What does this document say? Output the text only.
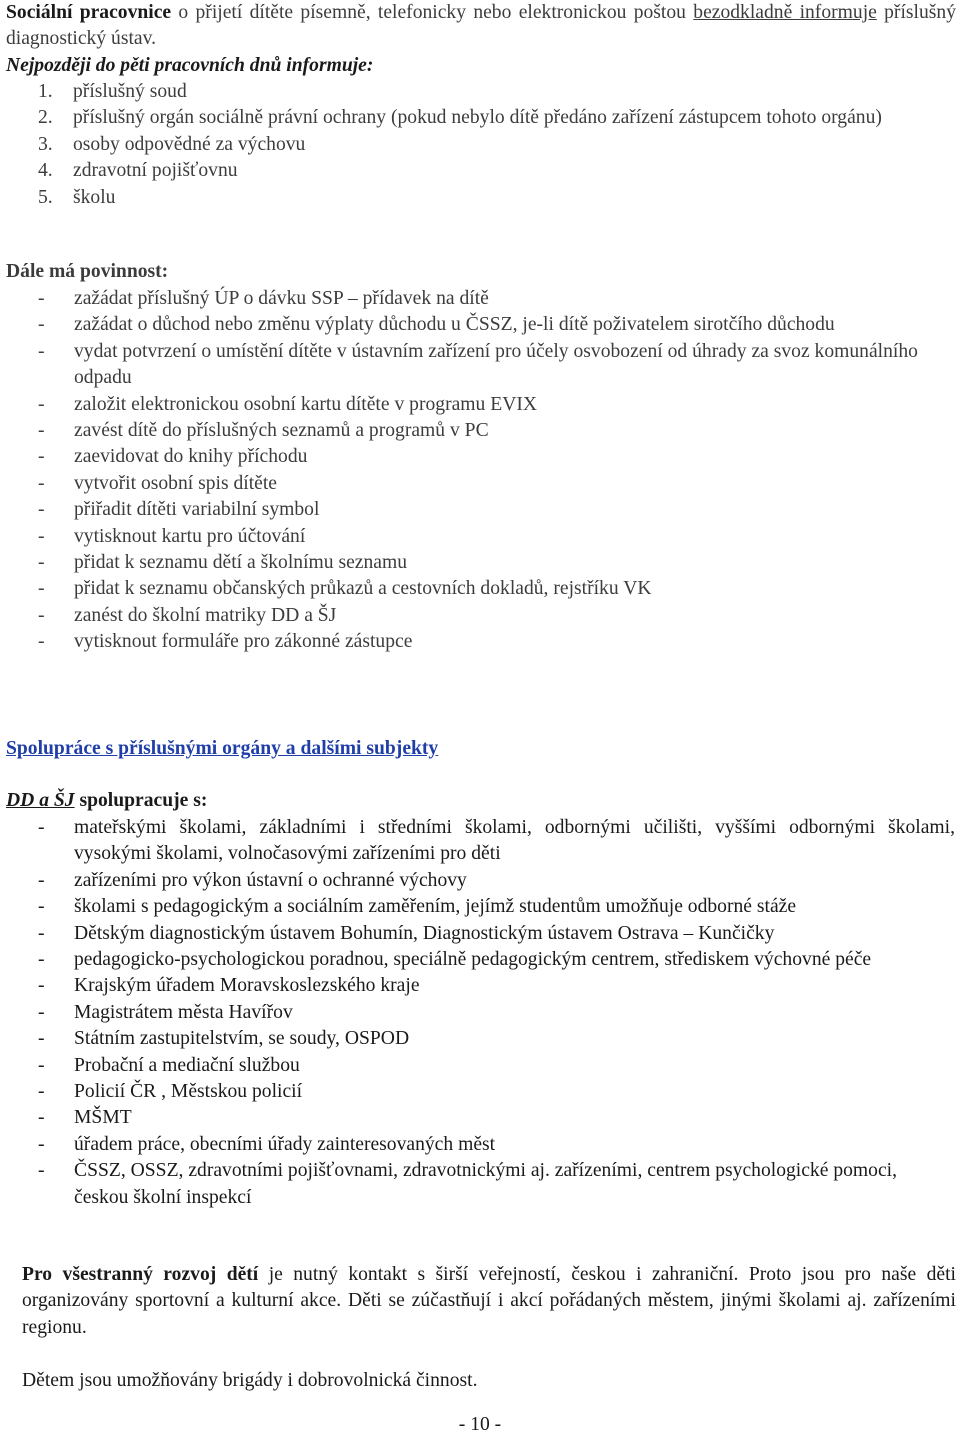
Sociální pracovnice o přijetí dítěte písemně, telefonicky nebo elektronickou poštou bezodkladně informuje příslušný diagnostický ústav.
Nejpozději do pěti pracovních dnů informuje:
1. příslušný soud
2. příslušný orgán sociálně právní ochrany (pokud nebylo dítě předáno zařízení zástupcem tohoto orgánu)
3. osoby odpovědné za výchovu
4. zdravotní pojišťovnu
5. školu
Dále má povinnost:
- zažádat příslušný ÚP o dávku SSP – přídavek na dítě
- zažádat o důchod nebo změnu výplaty důchodu u ČSSZ, je-li dítě poživatelem sirotčího důchodu
- vydat potvrzení o umístění dítěte v ústavním zařízení pro účely osvobození od úhrady za svoz komunálního odpadu
- založit elektronickou osobní kartu dítěte v programu EVIX
- zavést dítě do příslušných seznamů a programů v PC
- zaevidovat do knihy příchodu
- vytvořit osobní spis dítěte
- přiřadit dítěti variabilní symbol
- vytisknout kartu pro účtování
- přidat k seznamu dětí a školnímu seznamu
- přidat k seznamu občanských průkazů a cestovních dokladů, rejstříku VK
- zanést do školní matriky DD a ŠJ
- vytisknout formuláře pro zákonné zástupce
Spolupráce s příslušnými orgány a dalšími subjekty
DD a ŠJ spolupracuje s:
- mateřskými školami, základními i středními školami, odbornými učilišti, vyššími odbornými školami, vysokými školami, volnočasovými zařízeními pro děti
- zařízeními pro výkon ústavní o ochranné výchovy
- školami s pedagogickým a sociálním zaměřením, jejímž studentům umožňuje odborné stáže
- Dětským diagnostickým ústavem Bohumín, Diagnostickým ústavem Ostrava – Kunčičky
- pedagogicko-psychologickou poradnou, speciálně pedagogickým centrem, střediskem výchovné péče
- Krajským úřadem Moravskoslezského kraje
- Magistrátem města Havířov
- Státním zastupitelstvím, se soudy, OSPOD
- Probační a mediační službou
- Policií ČR , Městskou policií
- MŠMT
- úřadem práce, obecními úřady zainteresovaných měst
- ČSSZ, OSSZ, zdravotními pojišťovnami, zdravotnickými aj. zařízeními, centrem psychologické pomoci, českou školní inspekcí
Pro všestranný rozvoj dětí je nutný kontakt s širší veřejností, českou i zahraniční. Proto jsou pro naše děti organizovány sportovní a kulturní akce. Děti se zúčastňují i akcí pořádaných městem, jinými školami aj. zařízeními regionu.
Dětem jsou umožňovány brigády i dobrovolnická činnost.
- 10 -
